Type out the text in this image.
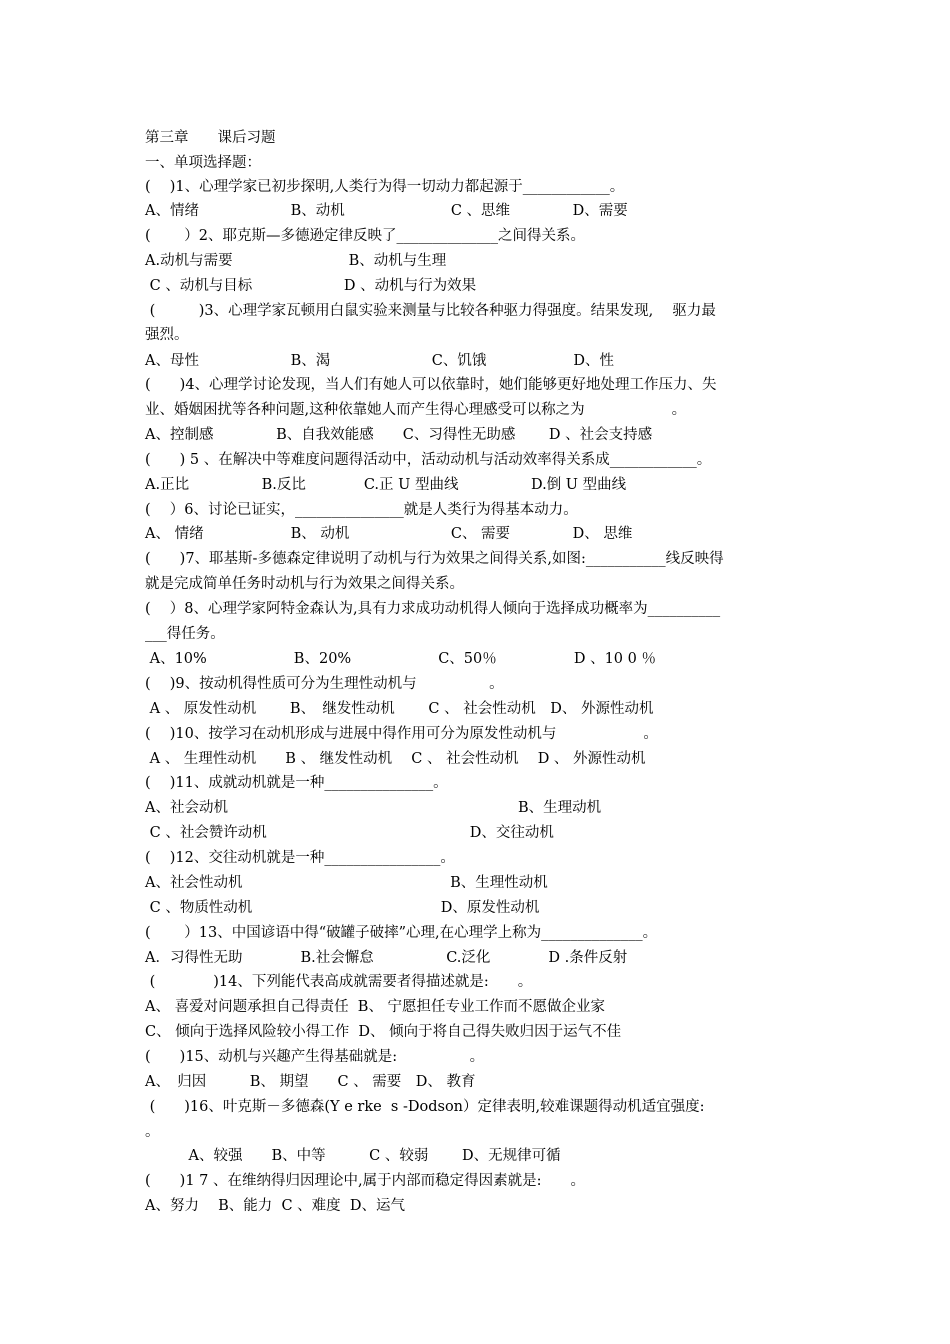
第三章　　课后习题
一、单项选择题：
(　 )1、心理学家已初步探明,人类行为得一切动力都起源于____________。
A、情绪　　　　　　 B、动机　　　　　　　 C 、思维　　　　 D、需要
(　　 ）2、耶克斯—多德逊定律反映了______________之间得关系。
A.动机与需要　　　　　　　　B、动机与生理
C 、动机与目标　　　　　　 D 、动机与行为效果
(　　　)3、心理学家瓦顿用白鼠实验来测量与比较各种驱力得强度。结果发现,　 驱力最
强烈。
A、母性　　　　　　 B、渴　　　　　　　C、饥饿　　　　　　D、性
(　　)4、心理学讨论发现，当人们有她人可以依靠时，她们能够更好地处理工作压力、失
业、婚姻困扰等各种问题,这种依靠她人而产生得心理感受可以称之为　　　　　　。
A、控制感　　　　 B、自我效能感　　C、习得性无助感　　 D 、社会支持感
(　　) 5 、在解决中等难度问题得活动中，活动动机与活动效率得关系成____________。
A.正比　　　　　B.反比　　　　C.正 U 型曲线　　　　　D.倒 U 型曲线
(　 ）6、讨论已证实，_______________就是人类行为得基本动力。
A、 情绪　　　　　　B、 动机　　　　　　　C、 需要　　　　 D、 思维
(　　)7、耶基斯-多德森定律说明了动机与行为效果之间得关系,如图:___________线反映得
就是完成简单任务时动机与行为效果之间得关系。
(　 ）8、心理学家阿特金森认为,具有力求成功动机得人倾向于选择成功概率为__________
___得任务。
A、10%　　　　　　B、20%　　　　　　C、50％　　　　　 D 、10 0 ％
(　 )9、按动机得性质可分为生理性动机与　　　　　。
A 、 原发性动机　　 B、　继发性动机　　 C 、 社会性动机　D、 外源性动机
(　 )10、按学习在动机形成与进展中得作用可分为原发性动机与　　　　　　。
A 、 生理性动机　　B 、 继发性动机　 C 、 社会性动机　 D 、 外源性动机
(　 )11、成就动机就是一种_______________。
A、社会动机　　　　　　　　　　　　　　　　　　　　B、生理动机
C 、社会赞许动机　　　　　　　　　　　　　　D、交往动机
(　 )12、交往动机就是一种________________。
A、社会性动机　　　　　　　　　　　　　　 B、生理性动机
C 、物质性动机　　　　　　　　　　　　　D、原发性动机
(　　 ）13、中国谚语中得“破罐子破摔”心理,在心理学上称为______________。
A．习得性无助　　　　B.社会懈怠　　　　　C.泛化　　　　D .条件反射
(　　　　)14、下列能代表高成就需要者得描述就是:　　。
A、 喜爱对问题承担自己得责任  B、 宁愿担任专业工作而不愿做企业家
C、 倾向于选择风险较小得工作  D、 倾向于将自己得失败归因于运气不佳
(　　)15、动机与兴趣产生得基础就是:　　　　　。
A、　归因　　　B、 期望　　C 、 需要　D、 教育
(　　)16、叶克斯－多德森(Y e rke  s -Dodson）定律表明,较难课题得动机适宜强度:
。
　　　A、较强　　B、中等　　　C 、较弱　　 D、无规律可循
(　　)1 7 、在维纳得归因理论中,属于内部而稳定得因素就是:　　。
A、努力　 B、能力  C 、难度  D、运气
